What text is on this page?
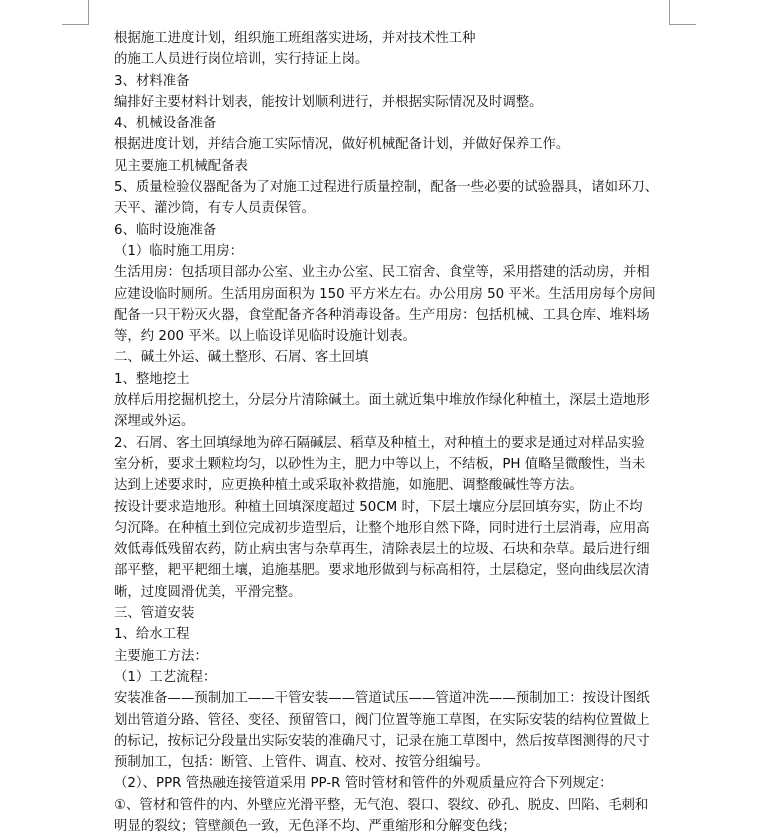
根据施工进度计划，组织施工班组落实进场，并对技术性工种
的施工人员进行岗位培训，实行持证上岗。
3、材料准备
编排好主要材料计划表，能按计划顺利进行，并根据实际情况及时调整。
4、机械设备准备
根据进度计划，并结合施工实际情况，做好机械配备计划，并做好保养工作。
见主要施工机械配备表
5、质量检验仪器配备为了对施工过程进行质量控制，配备一些必要的试验器具，诸如环刀、
天平、灌沙筒，有专人员责保管。
6、临时设施准备
（1）临时施工用房：
生活用房：包括项目部办公室、业主办公室、民工宿舍、食堂等，采用搭建的活动房，并相
应建设临时厕所。生活用房面积为 150 平方米左右。办公用房 50 平米。生活用房每个房间
配备一只干粉灭火器，食堂配备齐各种消毒设备。生产用房：包括机械、工具仓库、堆料场
等，约 200 平米。以上临设详见临时设施计划表。
二、碱土外运、碱土整形、石屑、客土回填
1、整地挖土
放样后用挖掘机挖土，分层分片清除碱土。面土就近集中堆放作绿化种植土，深层土造地形
深埋或外运。
2、石屑、客土回填绿地为碎石隔碱层、稻草及种植土，对种植土的要求是通过对样品实验
室分析，要求土颗粒均匀，以砂性为主，肥力中等以上，不结板，PH 值略呈微酸性，当未
达到上述要求时，应更换种植土或采取补救措施，如施肥、调整酸碱性等方法。
按设计要求造地形。种植土回填深度超过 50CM 时，下层土壤应分层回填夯实，防止不均
匀沉降。在种植土到位完成初步造型后，让整个地形自然下降，同时进行土层消毒，应用高
效低毒低残留农药，防止病虫害与杂草再生，清除表层土的垃圾、石块和杂草。最后进行细
部平整，耙平耙细土壤，追施基肥。要求地形做到与标高相符，土层稳定，竖向曲线层次清
晰，过度圆滑优美，平滑完整。
三、管道安装
1、给水工程
主要施工方法：
（1）工艺流程：
安装准备——预制加工——干管安装——管道试压——管道冲洗——预制加工：按设计图纸
划出管道分路、管径、变径、预留管口，阀门位置等施工草图，在实际安装的结构位置做上
的标记，按标记分段量出实际安装的准确尺寸，记录在施工草图中，然后按草图测得的尺寸
预制加工，包括：断管、上管件、调直、校对、按管分组编号。
（2）、PPR 管热融连接管道采用 PP-R 管时管材和管件的外观质量应符合下列规定：
①、管材和管件的内、外壁应光滑平整，无气泡、裂口、裂纹、砂孔、脱皮、凹陷、毛刺和
明显的裂纹；管壁颜色一致，无色泽不均、严重缩形和分解变色线；
